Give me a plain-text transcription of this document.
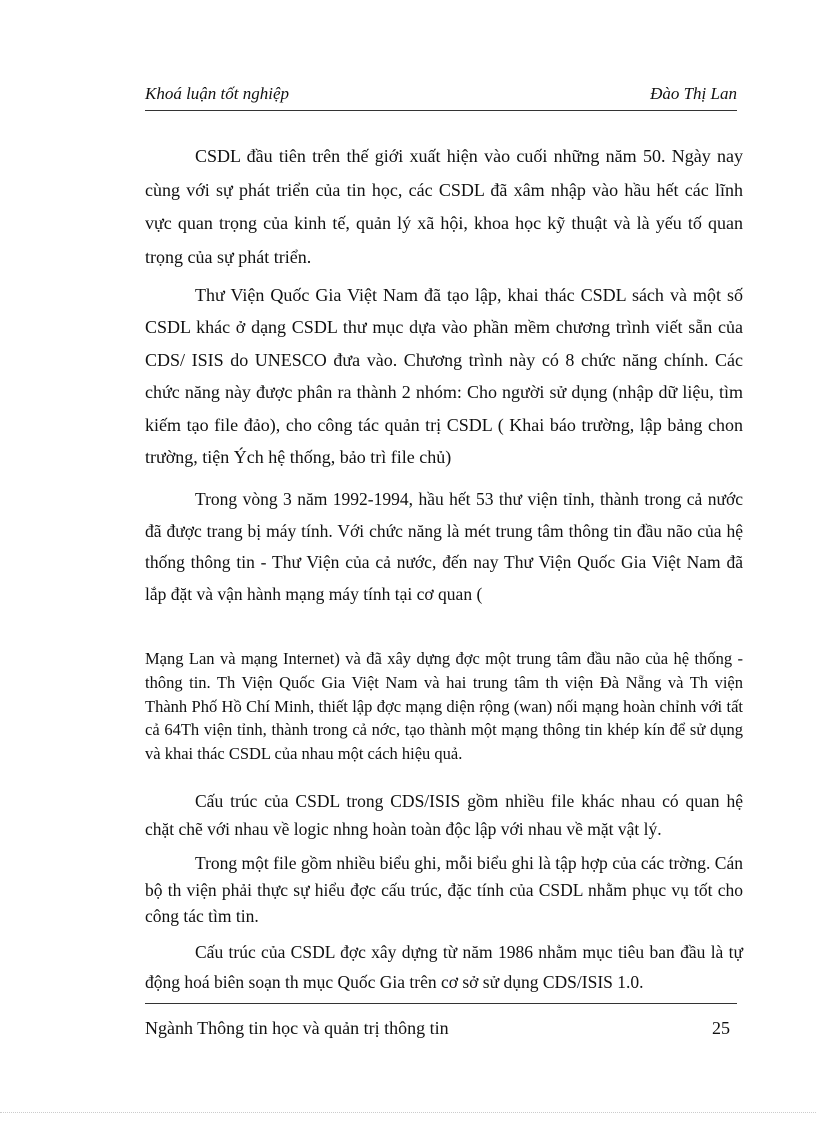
Khoá luận tốt nghiệp	Đào Thị Lan

CSDL đầu tiên trên thế giới xuất hiện vào cuối những năm 50. Ngày nay cùng với sự phát triển của tin học, các CSDL đã xâm nhập vào hầu hết các lĩnh vực quan trọng của kinh tế, quản lý xã hội, khoa học kỹ thuật và là yếu tố quan trọng của sự phát triển.

Thư Viện Quốc Gia Việt Nam đã tạo lập, khai thác CSDL sách và một số CSDL khác ở dạng CSDL thư mục dựa vào phần mềm chương trình viết sẵn của CDS/ ISIS do UNESCO đưa vào. Chương trình này có 8 chức năng chính. Các chức năng này được phân ra thành 2 nhóm: Cho người sử dụng (nhập dữ liệu, tìm kiếm tạo file đảo), cho công tác quản trị CSDL ( Khai báo trường, lập bảng chon trường, tiện Ých hệ thống, bảo trì file chủ)

Trong vòng 3 năm 1992-1994, hầu hết 53 thư viện tỉnh, thành trong cả nước đã được trang bị máy tính. Với chức năng là mét trung tâm thông tin đầu não của hệ thống thông tin - Thư Viện của cả nước, đến nay Thư Viện Quốc Gia Việt Nam đã lắp đặt và vận hành mạng máy tính tại cơ quan (

Mạng Lan và mạng Internet) và đã xây dựng đợc một trung tâm đầu não của hệ thống - thông tin. Th Viện Quốc Gia Việt Nam và hai trung tâm th viện Đà Nẵng và Th viện Thành Phố Hồ Chí Minh, thiết lập đợc mạng diện rộng (wan) nối mạng hoàn chỉnh với tất cả 64Th viện tỉnh, thành trong cả nớc, tạo thành một mạng thông tin khép kín để sử dụng và khai thác CSDL của nhau một cách hiệu quả.

Cấu trúc của CSDL trong CDS/ISIS gồm nhiều file khác nhau có quan hệ chặt chẽ với nhau về logic nhng hoàn toàn độc lập với nhau về mặt vật lý.

Trong một file gồm nhiều biểu ghi, mỗi biểu ghi là tập hợp của các trờng. Cán bộ th viện phải thực sự hiểu đợc cấu trúc, đặc tính của CSDL nhằm phục vụ tốt cho công tác tìm tin.

Cấu trúc của CSDL đợc xây dựng từ năm 1986 nhằm mục tiêu ban đầu là tự động hoá biên soạn th mục Quốc Gia trên cơ sở sử dụng CDS/ISIS 1.0.

Ngành Thông tin học và quản trị thông tin	25
